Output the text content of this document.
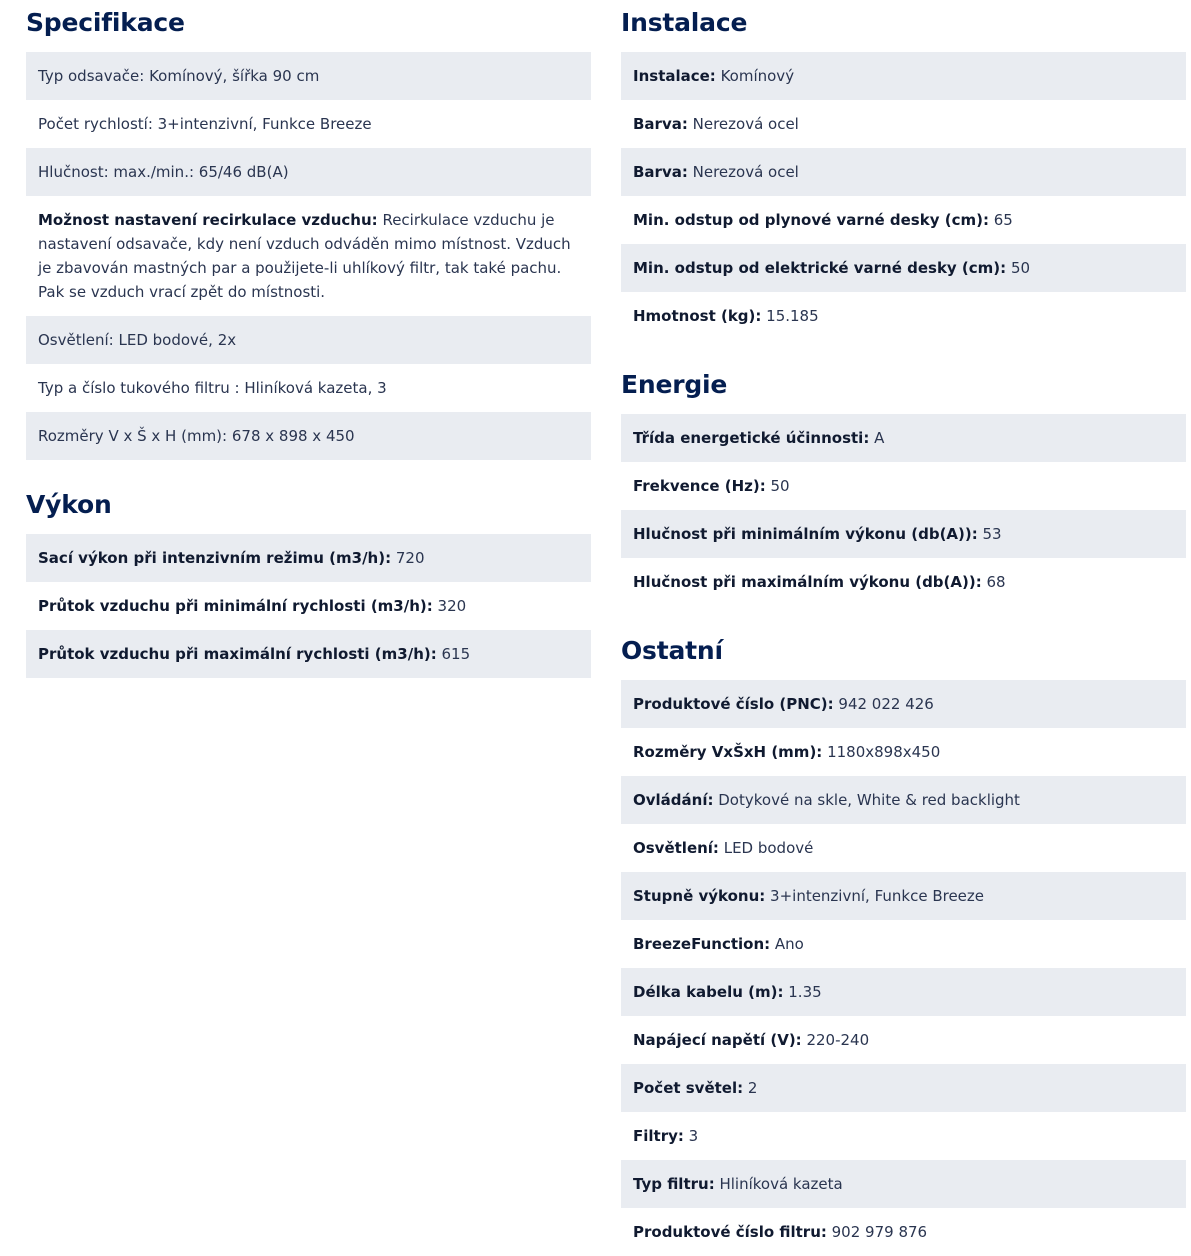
Specifikace
Typ odsavače: Komínový, šířka 90 cm
Počet rychlostí: 3+intenzivní, Funkce Breeze
Hlučnost: max./min.: 65/46 dB(A)
Možnost nastavení recirkulace vzduchu: Recirkulace vzduchu je nastavení odsavače, kdy není vzduch odváděn mimo místnost. Vzduch je zbavován mastných par a použijete-li uhlíkový filtr, tak také pachu. Pak se vzduch vrací zpět do místnosti.
Osvětlení: LED bodové, 2x
Typ a číslo tukového filtru : Hliníková kazeta, 3
Rozměry V x Š x H (mm): 678 x 898 x 450
Výkon
Sací výkon při intenzivním režimu (m3/h): 720
Průtok vzduchu při minimální rychlosti (m3/h): 320
Průtok vzduchu při maximální rychlosti (m3/h): 615
Instalace
Instalace: Komínový
Barva: Nerezová ocel
Barva: Nerezová ocel
Min. odstup od plynové varné desky (cm): 65
Min. odstup od elektrické varné desky (cm): 50
Hmotnost (kg): 15.185
Energie
Třída energetické účinnosti: A
Frekvence (Hz): 50
Hlučnost při minimálním výkonu (db(A)): 53
Hlučnost při maximálním výkonu (db(A)): 68
Ostatní
Produktové číslo (PNC): 942 022 426
Rozměry VxŠxH (mm): 1180x898x450
Ovládání: Dotykové na skle, White & red backlight
Osvětlení: LED bodové
Stupně výkonu: 3+intenzivní, Funkce Breeze
BreezeFunction: Ano
Délka kabelu (m): 1.35
Napájecí napětí (V): 220-240
Počet světel: 2
Filtry: 3
Typ filtru: Hliníková kazeta
Produktové číslo filtru: 902 979 876
